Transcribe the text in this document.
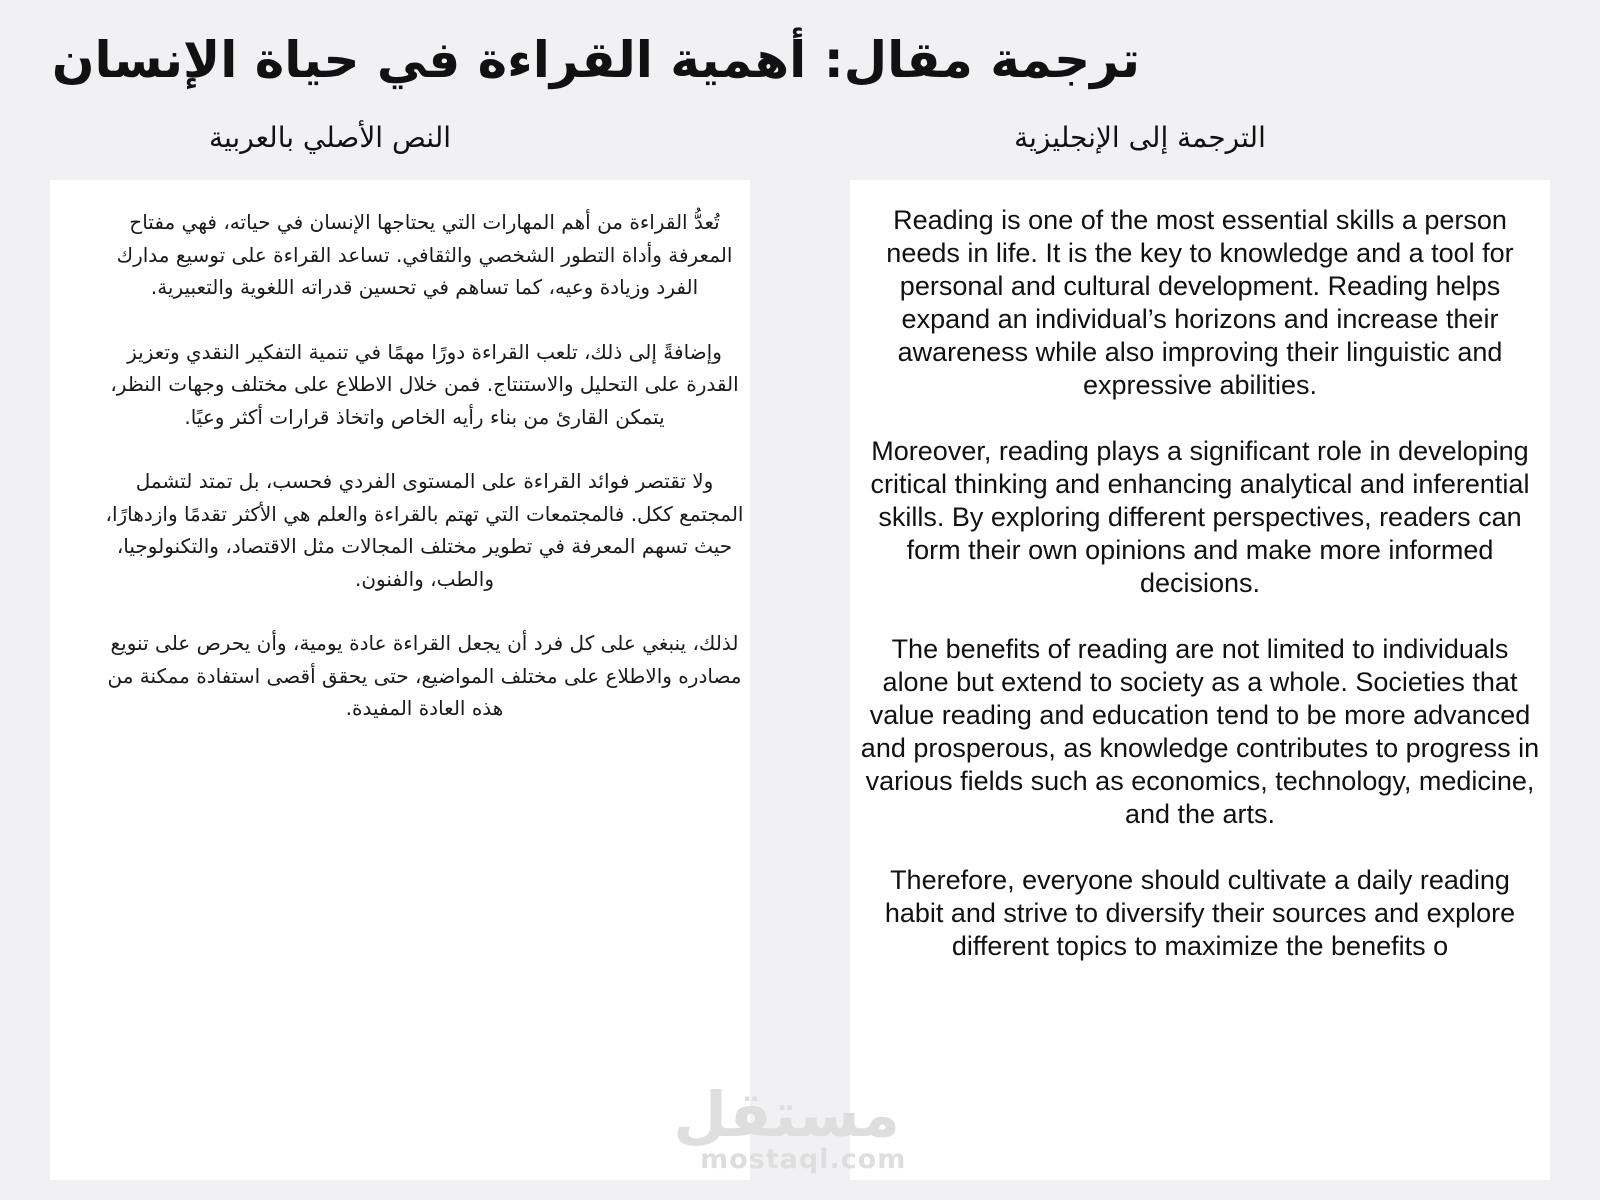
ترجمة مقال: أهمية القراءة في حياة الإنسان
النص الأصلي بالعربية	الترجمة إلى الإنجليزية

تُعدُّ القراءة من أهم المهارات التي يحتاجها الإنسان في حياته، فهي مفتاح المعرفة وأداة التطور الشخصي والثقافي. تساعد القراءة على توسيع مدارك الفرد وزيادة وعيه، كما تساهم في تحسين قدراته اللغوية والتعبيرية.

وإضافةً إلى ذلك، تلعب القراءة دورًا مهمًا في تنمية التفكير النقدي وتعزيز القدرة على التحليل والاستنتاج. فمن خلال الاطلاع على مختلف وجهات النظر، يتمكن القارئ من بناء رأيه الخاص واتخاذ قرارات أكثر وعيًا.

ولا تقتصر فوائد القراءة على المستوى الفردي فحسب، بل تمتد لتشمل المجتمع ككل. فالمجتمعات التي تهتم بالقراءة والعلم هي الأكثر تقدمًا وازدهارًا، حيث تسهم المعرفة في تطوير مختلف المجالات مثل الاقتصاد، والتكنولوجيا، والطب، والفنون.

لذلك، ينبغي على كل فرد أن يجعل القراءة عادة يومية، وأن يحرص على تنويع مصادره والاطلاع على مختلف المواضيع، حتى يحقق أقصى استفادة ممكنة من هذه العادة المفيدة.

Reading is one of the most essential skills a person needs in life. It is the key to knowledge and a tool for personal and cultural development. Reading helps expand an individual’s horizons and increase their awareness while also improving their linguistic and expressive abilities.

Moreover, reading plays a significant role in developing critical thinking and enhancing analytical and inferential skills. By exploring different perspectives, readers can form their own opinions and make more informed decisions.

The benefits of reading are not limited to individuals alone but extend to society as a whole. Societies that value reading and education tend to be more advanced and prosperous, as knowledge contributes to progress in various fields such as economics, technology, medicine, and the arts.

Therefore, everyone should cultivate a daily reading habit and strive to diversify their sources and explore different topics to maximize the benefits o

مستقل
mostaql.com
